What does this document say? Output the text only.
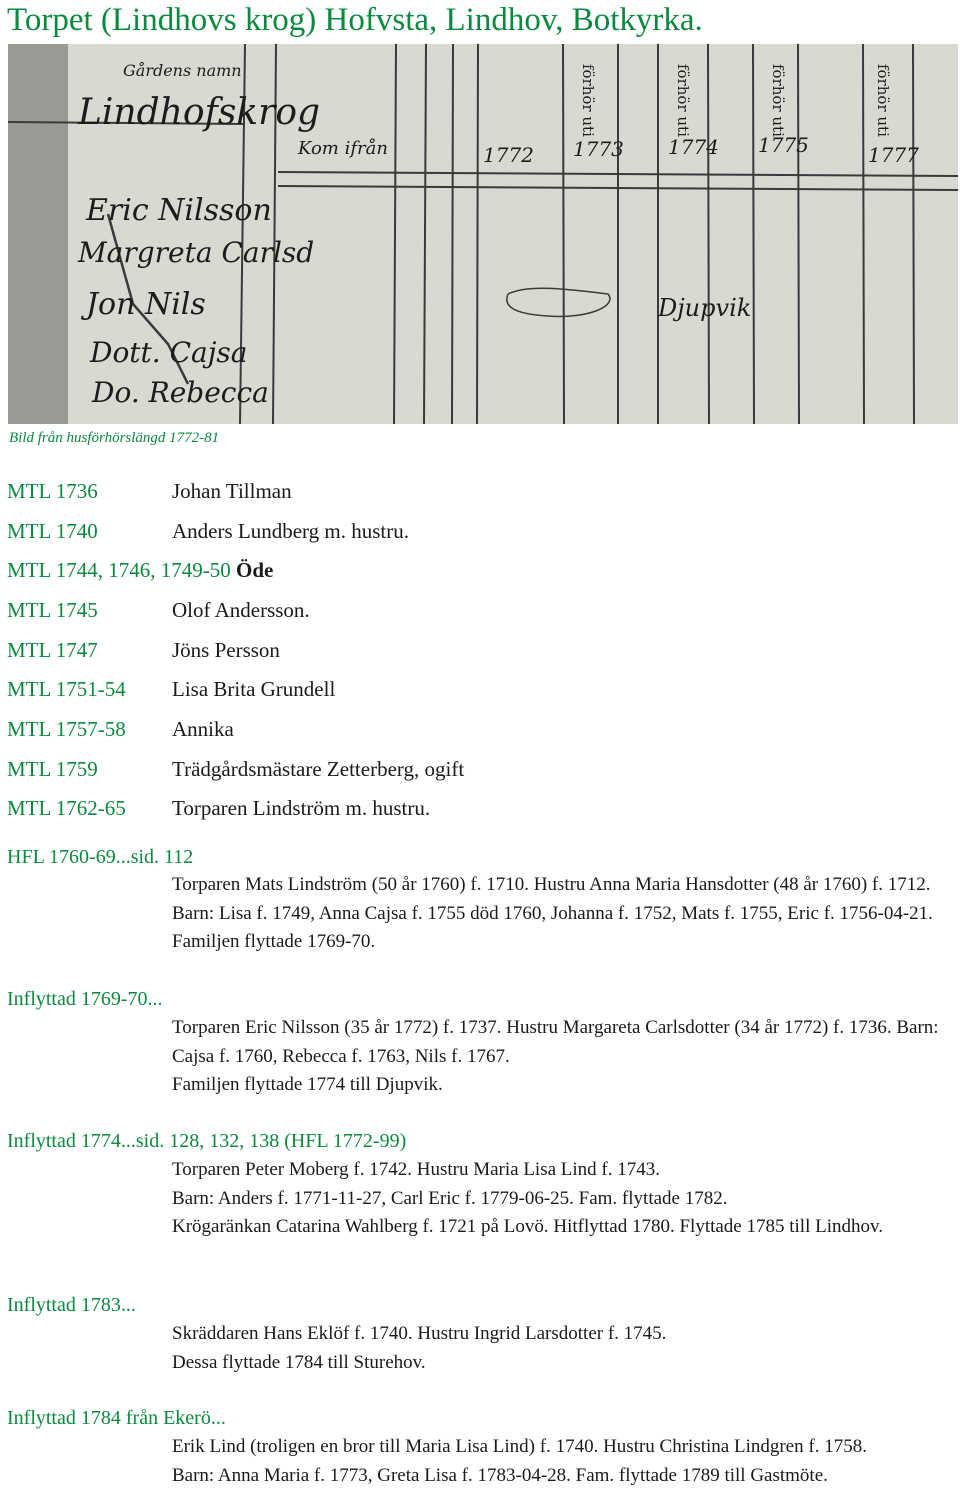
Torpet (Lindhovs krog) Hofvsta, Lindhov, Botkyrka.
Gårdens namn
Lindhofskrog
Kom ifrån	1772 1773 1774 1775	1777
Eric Nilsson
Margreta Carlsd
Jon Nils
Dott. Cajsa
Do. Rebecca
Djupvik
förhör uti	förhör uti	förhör uti	förhör uti
Bild från husförhörslängd 1772-81
MTL 1736	Johan Tillman
MTL 1740	Anders Lundberg m. hustru.
MTL 1744, 1746, 1749-50 Öde
MTL 1745	Olof Andersson.
MTL 1747	Jöns Persson
MTL 1751-54 Lisa Brita Grundell
MTL 1757-58 Annika
MTL 1759	Trädgårdsmästare Zetterberg, ogift
MTL 1762-65 Torparen Lindström m. hustru.
HFL 1760-69...sid. 112

Torparen Mats Lindström (50 år 1760) f. 1710. Hustru Anna Maria Hansdotter (48 år 1760) f. 1712.

Barn: Lisa f. 1749, Anna Cajsa f. 1755 död 1760, Johanna f. 1752, Mats f. 1755, Eric f. 1756-04-21. Familjen flyttade 1769-70.

Inflyttad 1769-70...

Torparen Eric Nilsson (35 år 1772) f. 1737. Hustru Margareta Carlsdotter (34 år 1772) f. 1736. Barn: Cajsa f. 1760, Rebecca f. 1763, Nils f. 1767.

Familjen flyttade 1774 till Djupvik.

Inflyttad 1774...sid. 128, 132, 138 (HFL 1772-99)

Torparen Peter Moberg f. 1742. Hustru Maria Lisa Lind f. 1743.

Barn: Anders f. 1771-11-27, Carl Eric f. 1779-06-25. Fam. flyttade 1782.

Krögaränkan Catarina Wahlberg f. 1721 på Lovö. Hitflyttad 1780. Flyttade 1785 till Lindhov.

Inflyttad 1783...

Skräddaren Hans Eklöf f. 1740. Hustru Ingrid Larsdotter f. 1745.

Dessa flyttade 1784 till Sturehov.

Inflyttad 1784 från Ekerö...

Erik Lind (troligen en bror till Maria Lisa Lind) f. 1740. Hustru Christina Lindgren f. 1758.

Barn: Anna Maria f. 1773, Greta Lisa f. 1783-04-28. Fam. flyttade 1789 till Gastmöte.
